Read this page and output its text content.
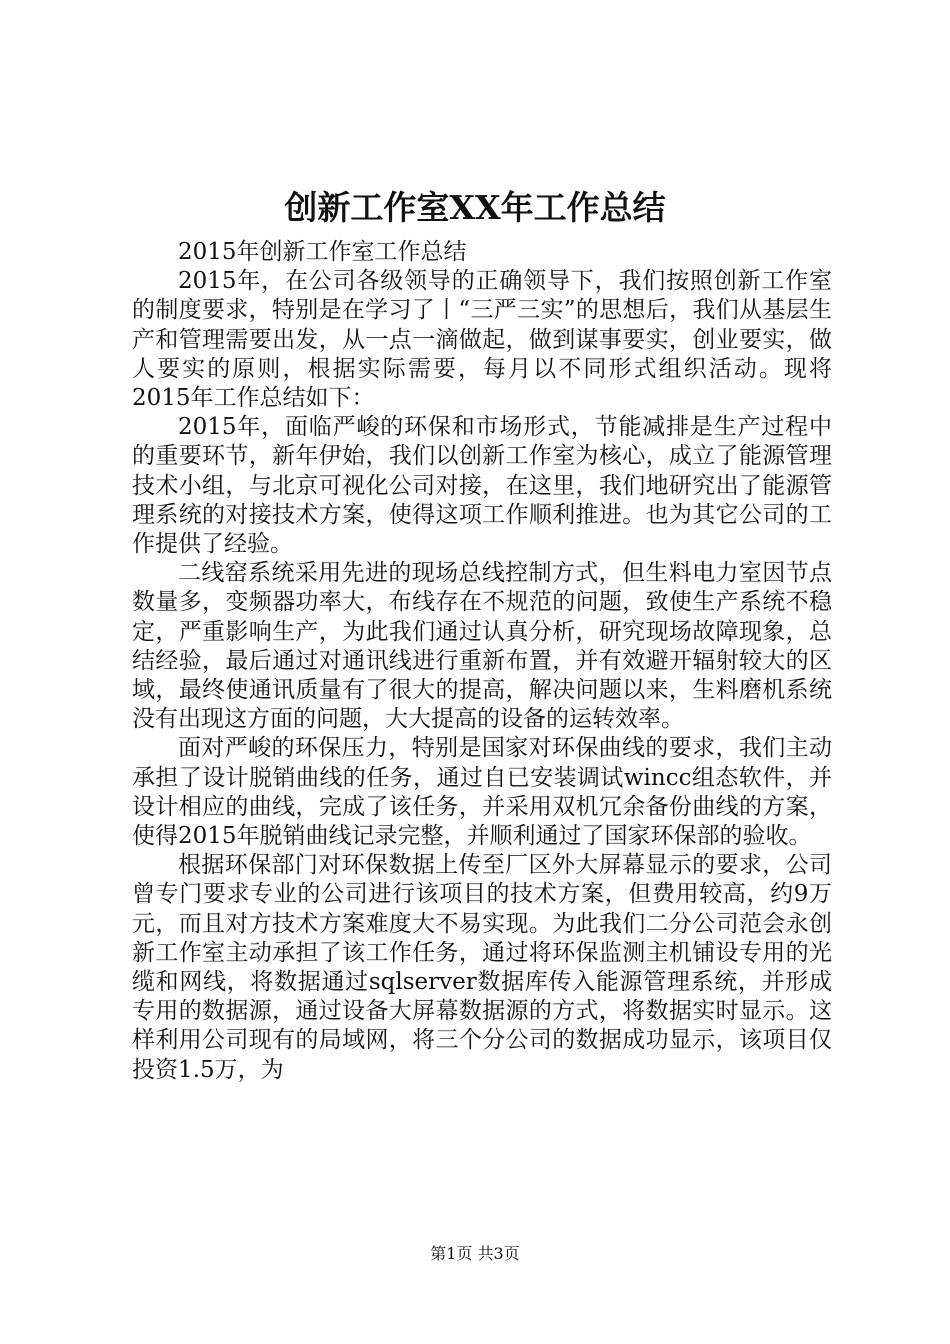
创新工作室XX年工作总结

2015年创新工作室工作总结

2015年，在公司各级领导的正确领导下，我们按照创新工作室的制度要求，特别是在学习了丨“三严三实”的思想后，我们从基层生产和管理需要出发，从一点一滴做起，做到谋事要实，创业要实，做人要实的原则，根据实际需要，每月以不同形式组织活动。现将2015年工作总结如下：

2015年，面临严峻的环保和市场形式，节能减排是生产过程中的重要环节，新年伊始，我们以创新工作室为核心，成立了能源管理技术小组，与北京可视化公司对接，在这里，我们地研究出了能源管理系统的对接技术方案，使得这项工作顺利推进。也为其它公司的工作提供了经验。

二线窑系统采用先进的现场总线控制方式，但生料电力室因节点数量多，变频器功率大，布线存在不规范的问题，致使生产系统不稳定，严重影响生产，为此我们通过认真分析，研究现场故障现象，总结经验，最后通过对通讯线进行重新布置，并有效避开辐射较大的区域，最终使通讯质量有了很大的提高，解决问题以来，生料磨机系统没有出现这方面的问题，大大提高的设备的运转效率。

面对严峻的环保压力，特别是国家对环保曲线的要求，我们主动承担了设计脱销曲线的任务，通过自已安装调试wincc组态软件，并设计相应的曲线，完成了该任务，并采用双机冗余备份曲线的方案，使得2015年脱销曲线记录完整，并顺利通过了国家环保部的验收。

根据环保部门对环保数据上传至厂区外大屏幕显示的要求，公司曾专门要求专业的公司进行该项目的技术方案，但费用较高，约9万元，而且对方技术方案难度大不易实现。为此我们二分公司范会永创新工作室主动承担了该工作任务，通过将环保监测主机铺设专用的光缆和网线，将数据通过sqlserver数据库传入能源管理系统，并形成专用的数据源，通过设备大屏幕数据源的方式，将数据实时显示。这样利用公司现有的局域网，将三个分公司的数据成功显示，该项目仅投资1.5万，为

第1页 共3页
